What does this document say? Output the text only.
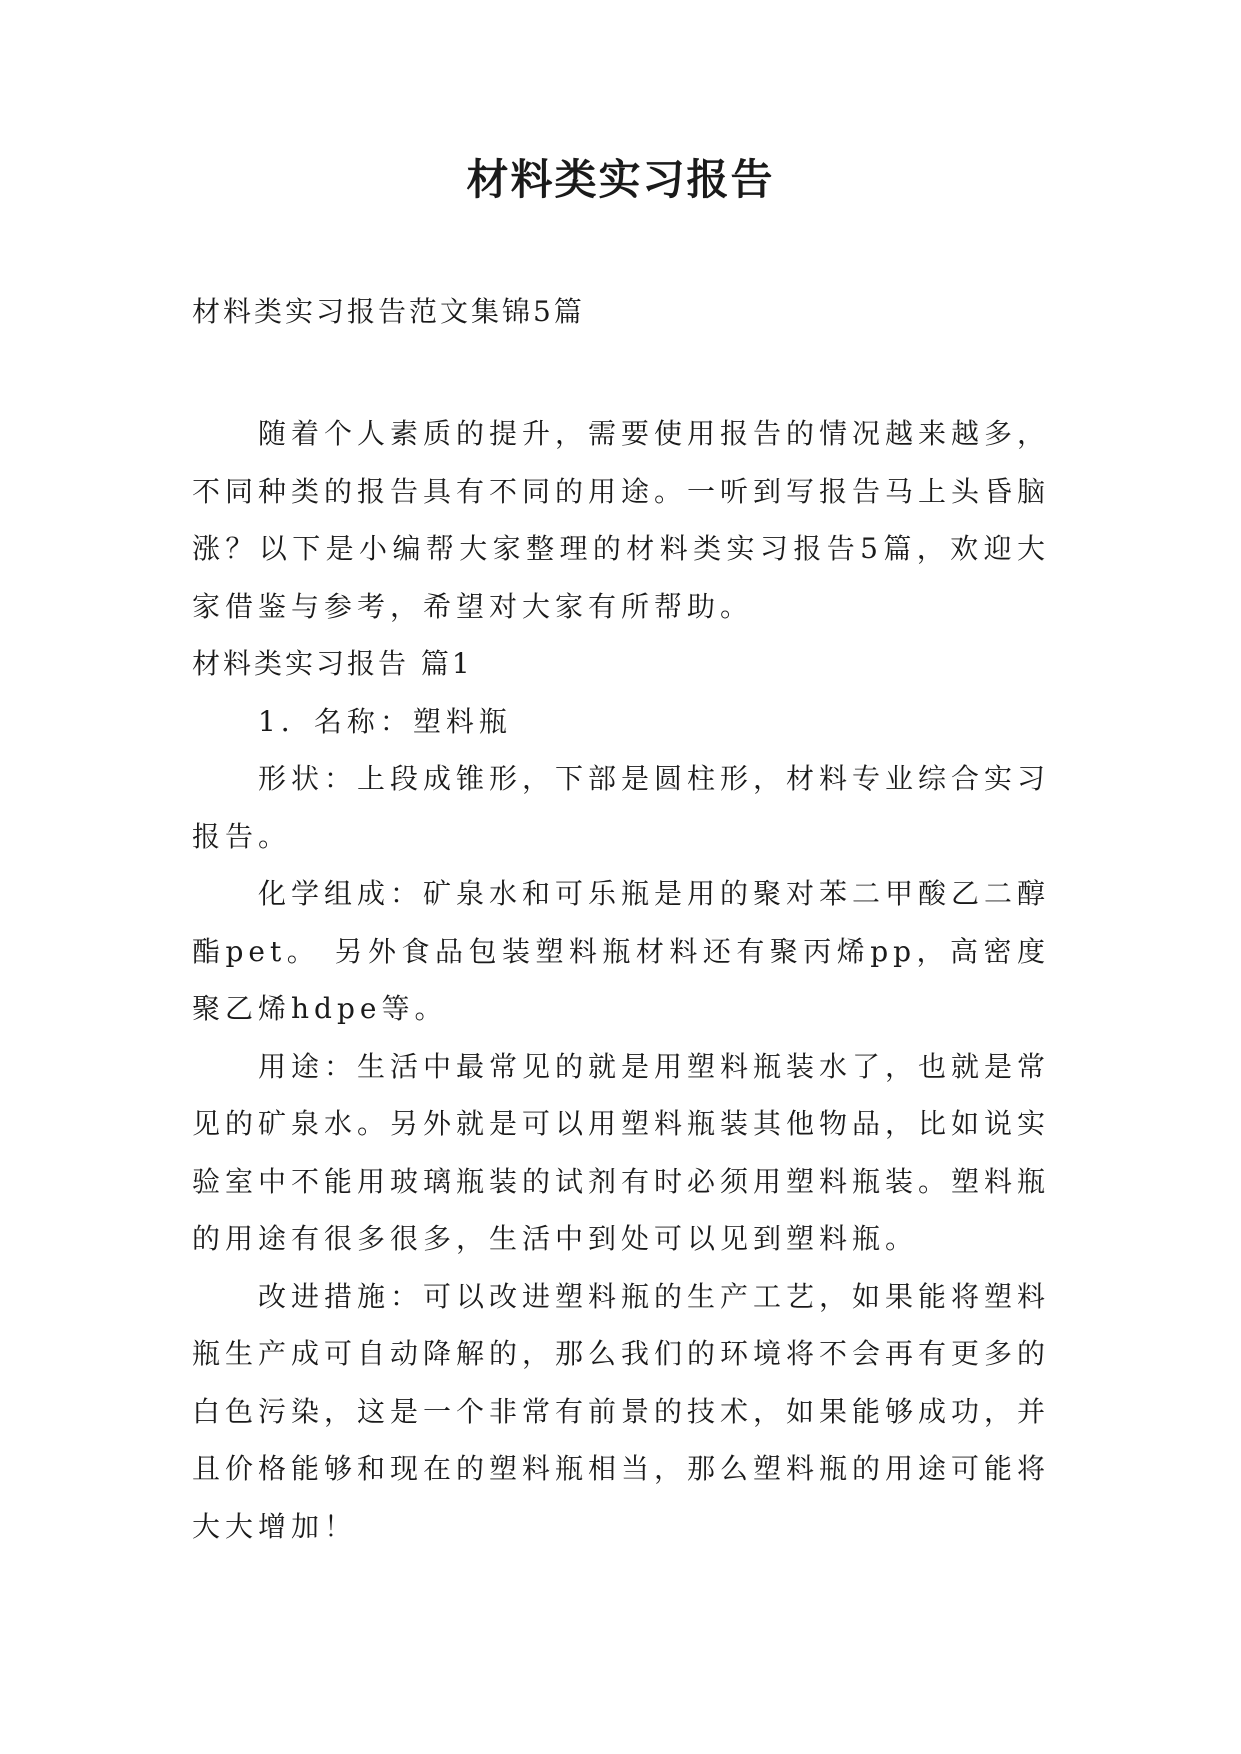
材料类实习报告

材料类实习报告范文集锦5篇

随着个人素质的提升，需要使用报告的情况越来越多，不同种类的报告具有不同的用途。一听到写报告马上头昏脑涨？以下是小编帮大家整理的材料类实习报告5篇，欢迎大家借鉴与参考，希望对大家有所帮助。

材料类实习报告 篇1

1．名称：塑料瓶

形状：上段成锥形，下部是圆柱形，材料专业综合实习报告。

化学组成：矿泉水和可乐瓶是用的聚对苯二甲酸乙二醇酯pet。 另外食品包装塑料瓶材料还有聚丙烯pp，高密度聚乙烯hdpe等。

用途：生活中最常见的就是用塑料瓶装水了，也就是常见的矿泉水。另外就是可以用塑料瓶装其他物品，比如说实验室中不能用玻璃瓶装的试剂有时必须用塑料瓶装。塑料瓶的用途有很多很多，生活中到处可以见到塑料瓶。

改进措施：可以改进塑料瓶的生产工艺，如果能将塑料瓶生产成可自动降解的，那么我们的环境将不会再有更多的白色污染，这是一个非常有前景的技术，如果能够成功，并且价格能够和现在的塑料瓶相当，那么塑料瓶的用途可能将大大增加！
